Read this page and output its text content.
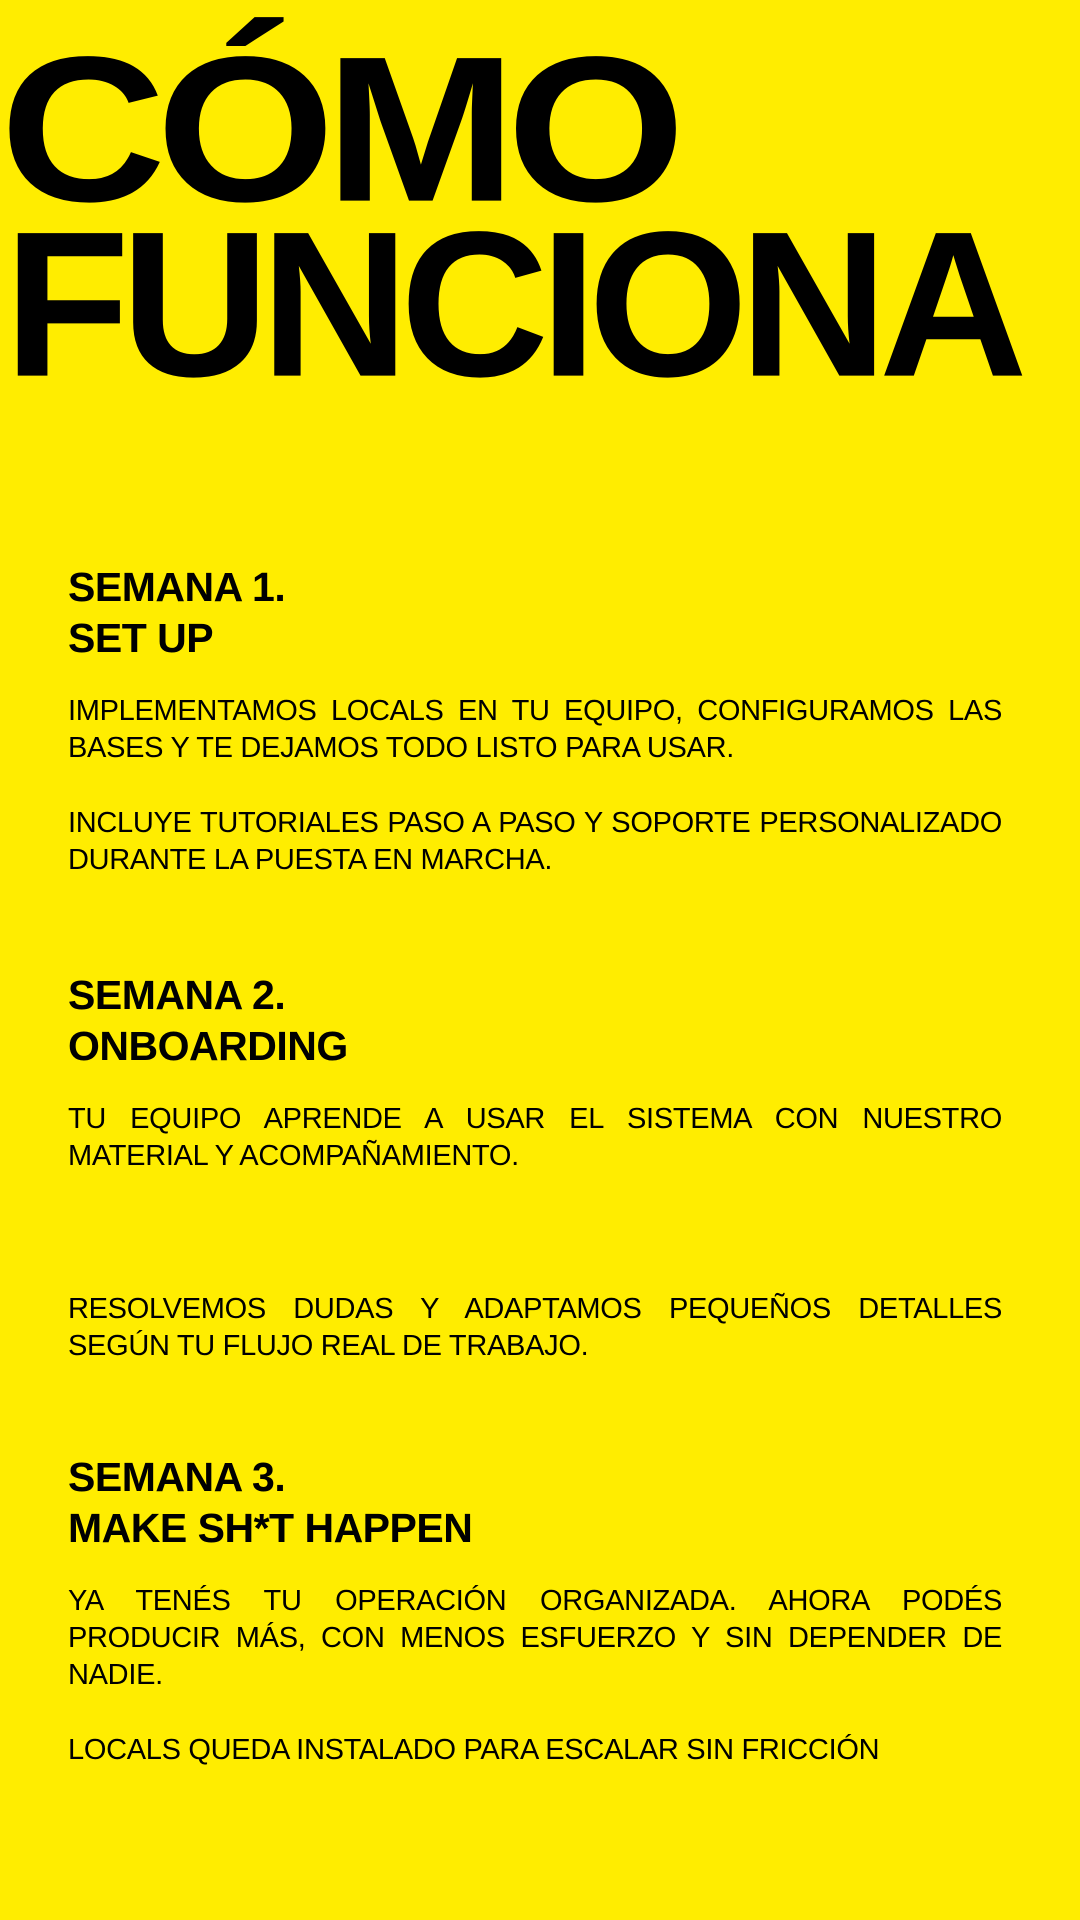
CÓMO
FUNCIONA
SEMANA 1.
SET UP

IMPLEMENTAMOS LOCALS EN TU EQUIPO, CONFIGURAMOS LAS BASES Y TE DEJAMOS TODO LISTO PARA USAR.

INCLUYE TUTORIALES PASO A PASO Y SOPORTE PERSONALIZADO DURANTE LA PUESTA EN MARCHA.

SEMANA 2.
ONBOARDING

TU EQUIPO APRENDE A USAR EL SISTEMA CON NUESTRO MATERIAL Y ACOMPAÑAMIENTO.

RESOLVEMOS DUDAS Y ADAPTAMOS PEQUEÑOS DETALLES SEGÚN TU FLUJO REAL DE TRABAJO.

SEMANA 3.
MAKE SH*T HAPPEN

YA TENÉS TU OPERACIÓN ORGANIZADA. AHORA PODÉS PRODUCIR MÁS, CON MENOS ESFUERZO Y SIN DEPENDER DE NADIE.

LOCALS QUEDA INSTALADO PARA ESCALAR SIN FRICCIÓN
